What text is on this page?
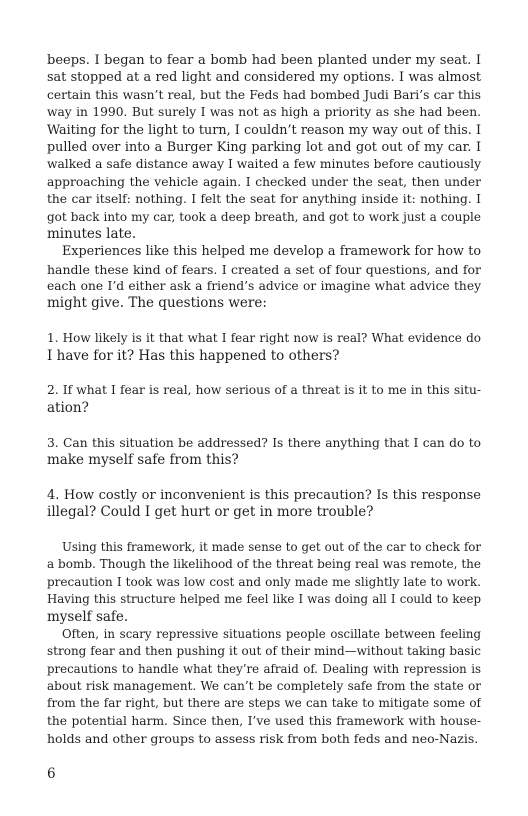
beeps. I began to fear a bomb had been planted under my seat. I
sat stopped at a red light and considered my options. I was almost
certain this wasn’t real, but the Feds had bombed Judi Bari’s car this
way in 1990. But surely I was not as high a priority as she had been.
Waiting for the light to turn, I couldn’t reason my way out of this. I
pulled over into a Burger King parking lot and got out of my car. I
walked a safe distance away I waited a few minutes before cautiously
approaching the vehicle again. I checked under the seat, then under
the car itself: nothing. I felt the seat for anything inside it: nothing. I
got back into my car, took a deep breath, and got to work just a couple
minutes late.
Experiences like this helped me develop a framework for how to
handle these kind of fears. I created a set of four questions, and for
each one I’d either ask a friend’s advice or imagine what advice they
might give. The questions were:
1. How likely is it that what I fear right now is real? What evidence do
I have for it? Has this happened to others?
2. If what I fear is real, how serious of a threat is it to me in this situ-
ation?
3. Can this situation be addressed? Is there anything that I can do to
make myself safe from this?
4. How costly or inconvenient is this precaution? Is this response
illegal? Could I get hurt or get in more trouble?
Using this framework, it made sense to get out of the car to check for
a bomb. Though the likelihood of the threat being real was remote, the
precaution I took was low cost and only made me slightly late to work.
Having this structure helped me feel like I was doing all I could to keep
myself safe.
Often, in scary repressive situations people oscillate between feeling
strong fear and then pushing it out of their mind—without taking basic
precautions to handle what they’re afraid of. Dealing with repression is
about risk management. We can’t be completely safe from the state or
from the far right, but there are steps we can take to mitigate some of
the potential harm. Since then, I’ve used this framework with house-
holds and other groups to assess risk from both feds and neo-Nazis.
6
